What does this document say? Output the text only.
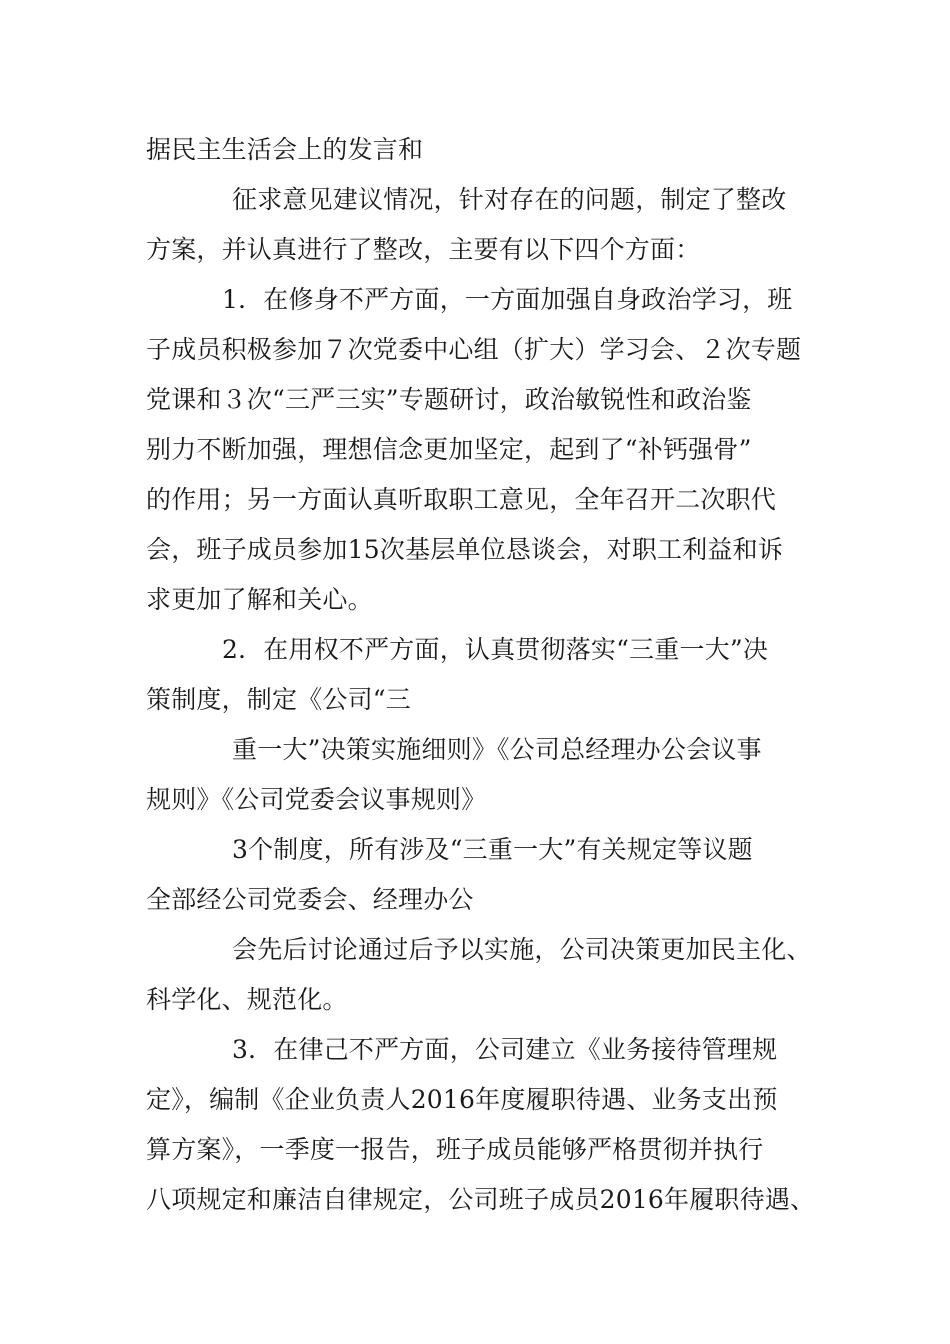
据民主生活会上的发言和
征求意见建议情况，针对存在的问题，制定了整改
方案，并认真进行了整改，主要有以下四个方面：
1．在修身不严方面，一方面加强自身政治学习，班
子成员积极参加７次党委中心组（扩大）学习会、２次专题
党课和３次“三严三实”专题研讨，政治敏锐性和政治鉴
别力不断加强，理想信念更加坚定，起到了“补钙强骨”
的作用；另一方面认真听取职工意见，全年召开二次职代
会，班子成员参加15次基层单位恳谈会，对职工利益和诉
求更加了解和关心。
2．在用权不严方面，认真贯彻落实“三重一大”决
策制度，制定《公司“三
重一大”决策实施细则》《公司总经理办公会议事
规则》《公司党委会议事规则》
3个制度，所有涉及“三重一大”有关规定等议题
全部经公司党委会、经理办公
会先后讨论通过后予以实施，公司决策更加民主化、
科学化、规范化。
3．在律己不严方面，公司建立《业务接待管理规
定》，编制《企业负责人2016年度履职待遇、业务支出预
算方案》，一季度一报告，班子成员能够严格贯彻并执行
八项规定和廉洁自律规定，公司班子成员2016年履职待遇、
